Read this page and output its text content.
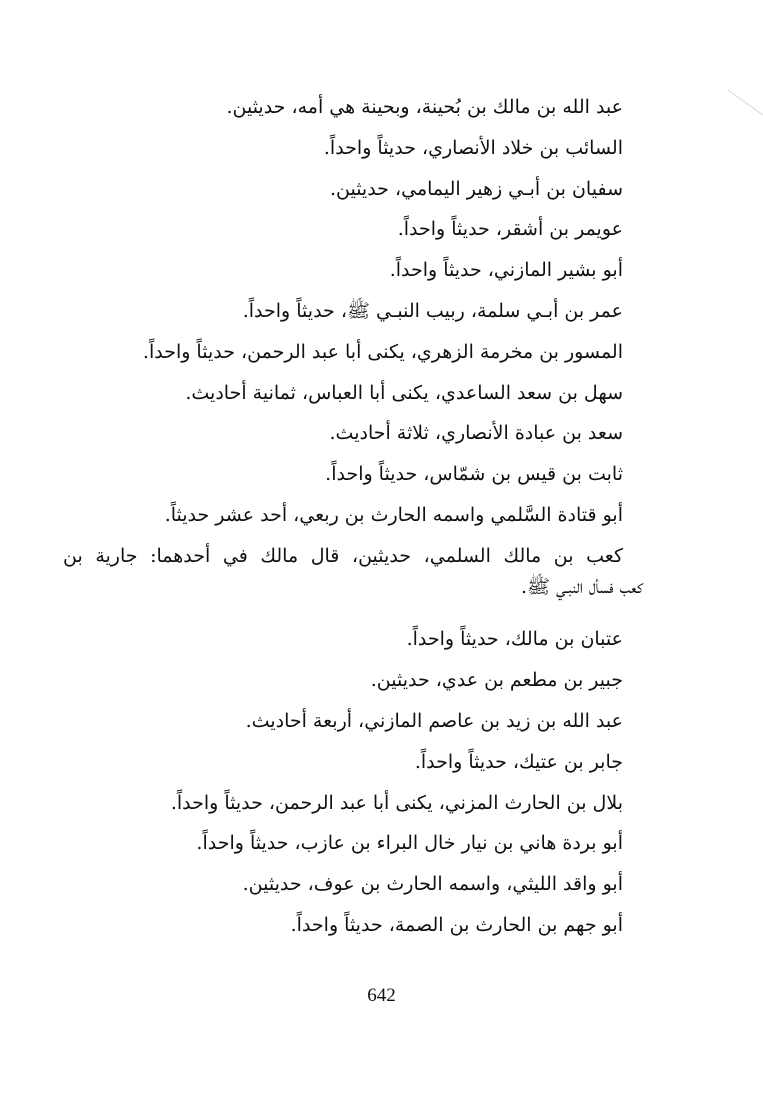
عبد الله بن مالك بن بُحينة، وبحينة هي أمه، حديثين.

السائب بن خلاد الأنصاري، حديثاً واحداً.

سفيان بن أبـي زهير اليمامي، حديثين.

عويمر بن أشقر، حديثاً واحداً.

أبو بشير المازني، حديثاً واحداً.

عمر بن أبـي سلمة، ربيب النبـي ﷺ، حديثاً واحداً.

المسور بن مخرمة الزهري، يكنى أبا عبد الرحمن، حديثاً واحداً.

سهل بن سعد الساعدي، يكنى أبا العباس، ثمانية أحاديث.

سعد بن عبادة الأنصاري، ثلاثة أحاديث.

ثابت بن قيس بن شمّاس، حديثاً واحداً.

أبو قتادة السَّلمي واسمه الحارث بن ربعي، أحد عشر حديثاً.

كعب بن مالك السلمي، حديثين، قال مالك في أحدهما: جارية بن

كعب فسأل النبـي ﷺ.

عتبان بن مالك، حديثاً واحداً.

جبير بن مطعم بن عدي، حديثين.

عبد الله بن زيد بن عاصم المازني، أربعة أحاديث.

جابر بن عتيك، حديثاً واحداً.

بلال بن الحارث المزني، يكنى أبا عبد الرحمن، حديثاً واحداً.

أبو بردة هاني بن نيار خال البراء بن عازب، حديثاً واحداً.

أبو واقد الليثي، واسمه الحارث بن عوف، حديثين.

أبو جهم بن الحارث بن الصمة، حديثاً واحداً.

642
